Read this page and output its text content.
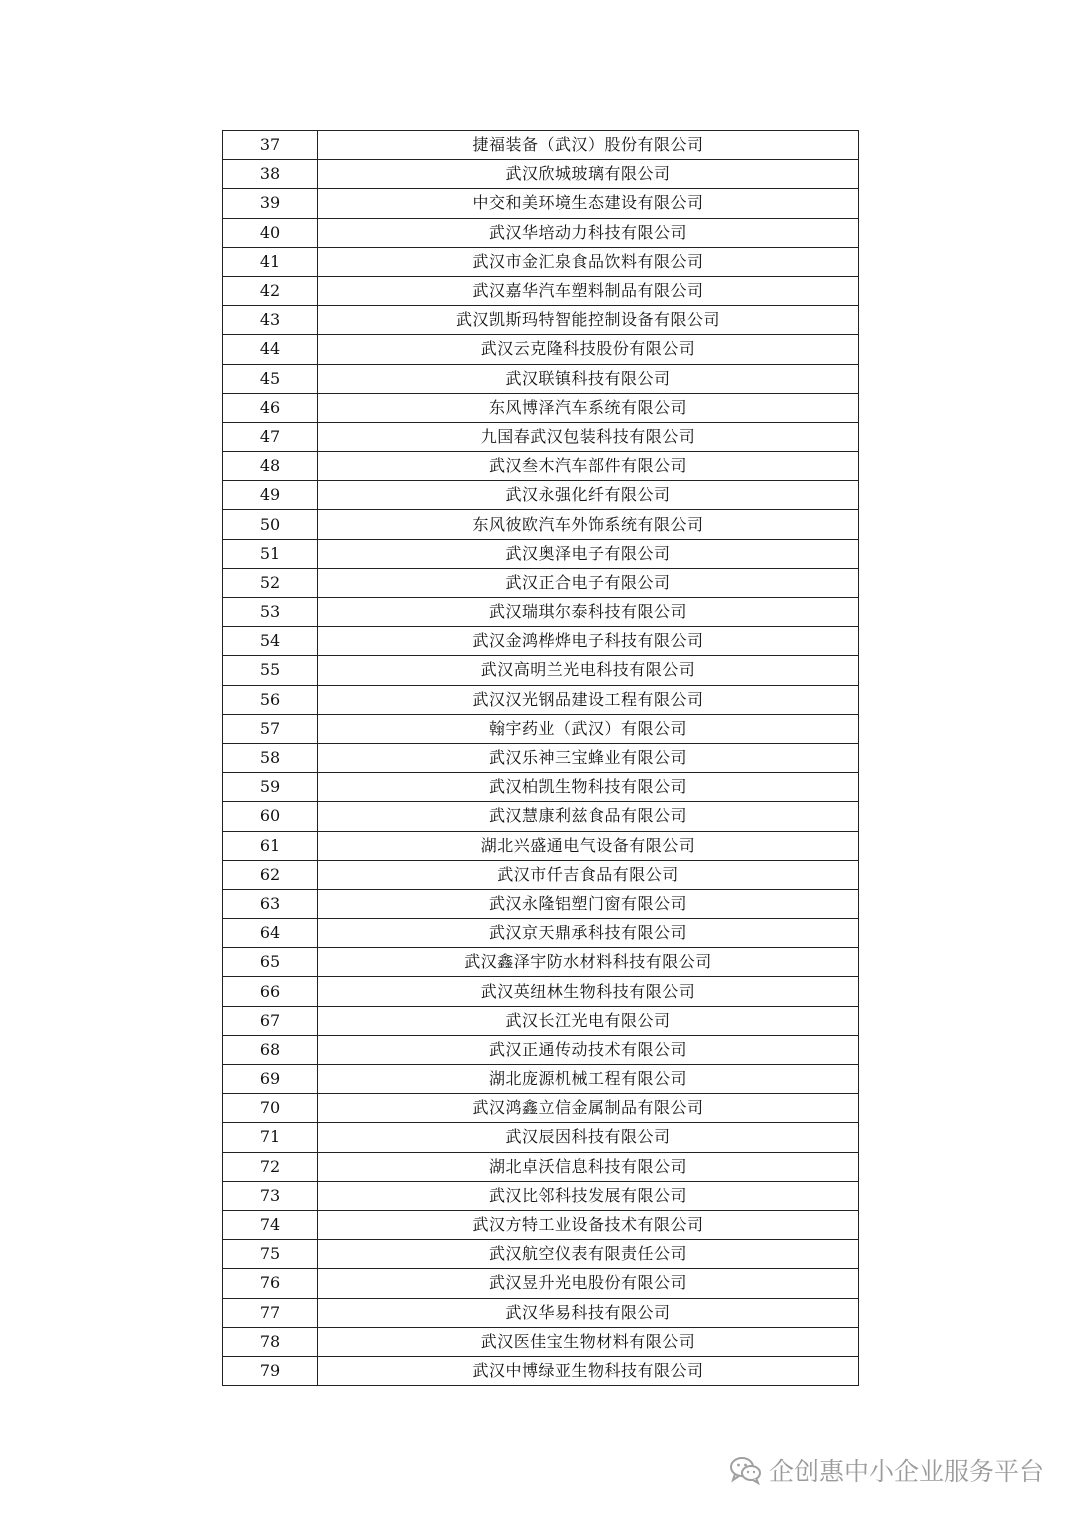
37	捷福装备（武汉）股份有限公司
38	武汉欣城玻璃有限公司
39	中交和美环境生态建设有限公司
40	武汉华培动力科技有限公司
41	武汉市金汇泉食品饮料有限公司
42	武汉嘉华汽车塑料制品有限公司
43	武汉凯斯玛特智能控制设备有限公司
44	武汉云克隆科技股份有限公司
45	武汉联镇科技有限公司
46	东风博泽汽车系统有限公司
47	九国春武汉包装科技有限公司
48	武汉叁木汽车部件有限公司
49	武汉永强化纤有限公司
50	东风彼欧汽车外饰系统有限公司
51	武汉奥泽电子有限公司
52	武汉正合电子有限公司
53	武汉瑞琪尔泰科技有限公司
54	武汉金鸿桦烨电子科技有限公司
55	武汉高明兰光电科技有限公司
56	武汉汉光钢品建设工程有限公司
57	翰宇药业（武汉）有限公司
58	武汉乐神三宝蜂业有限公司
59	武汉柏凯生物科技有限公司
60	武汉慧康利兹食品有限公司
61	湖北兴盛通电气设备有限公司
62	武汉市仟吉食品有限公司
63	武汉永隆铝塑门窗有限公司
64	武汉京天鼎承科技有限公司
65	武汉鑫泽宇防水材料科技有限公司
66	武汉英纽林生物科技有限公司
67	武汉长江光电有限公司
68	武汉正通传动技术有限公司
69	湖北庞源机械工程有限公司
70	武汉鸿鑫立信金属制品有限公司
71	武汉辰因科技有限公司
72	湖北卓沃信息科技有限公司
73	武汉比邻科技发展有限公司
74	武汉方特工业设备技术有限公司
75	武汉航空仪表有限责任公司
76	武汉昱升光电股份有限公司
77	武汉华易科技有限公司
78	武汉医佳宝生物材料有限公司
79	武汉中博绿亚生物科技有限公司
企创惠中小企业服务平台
